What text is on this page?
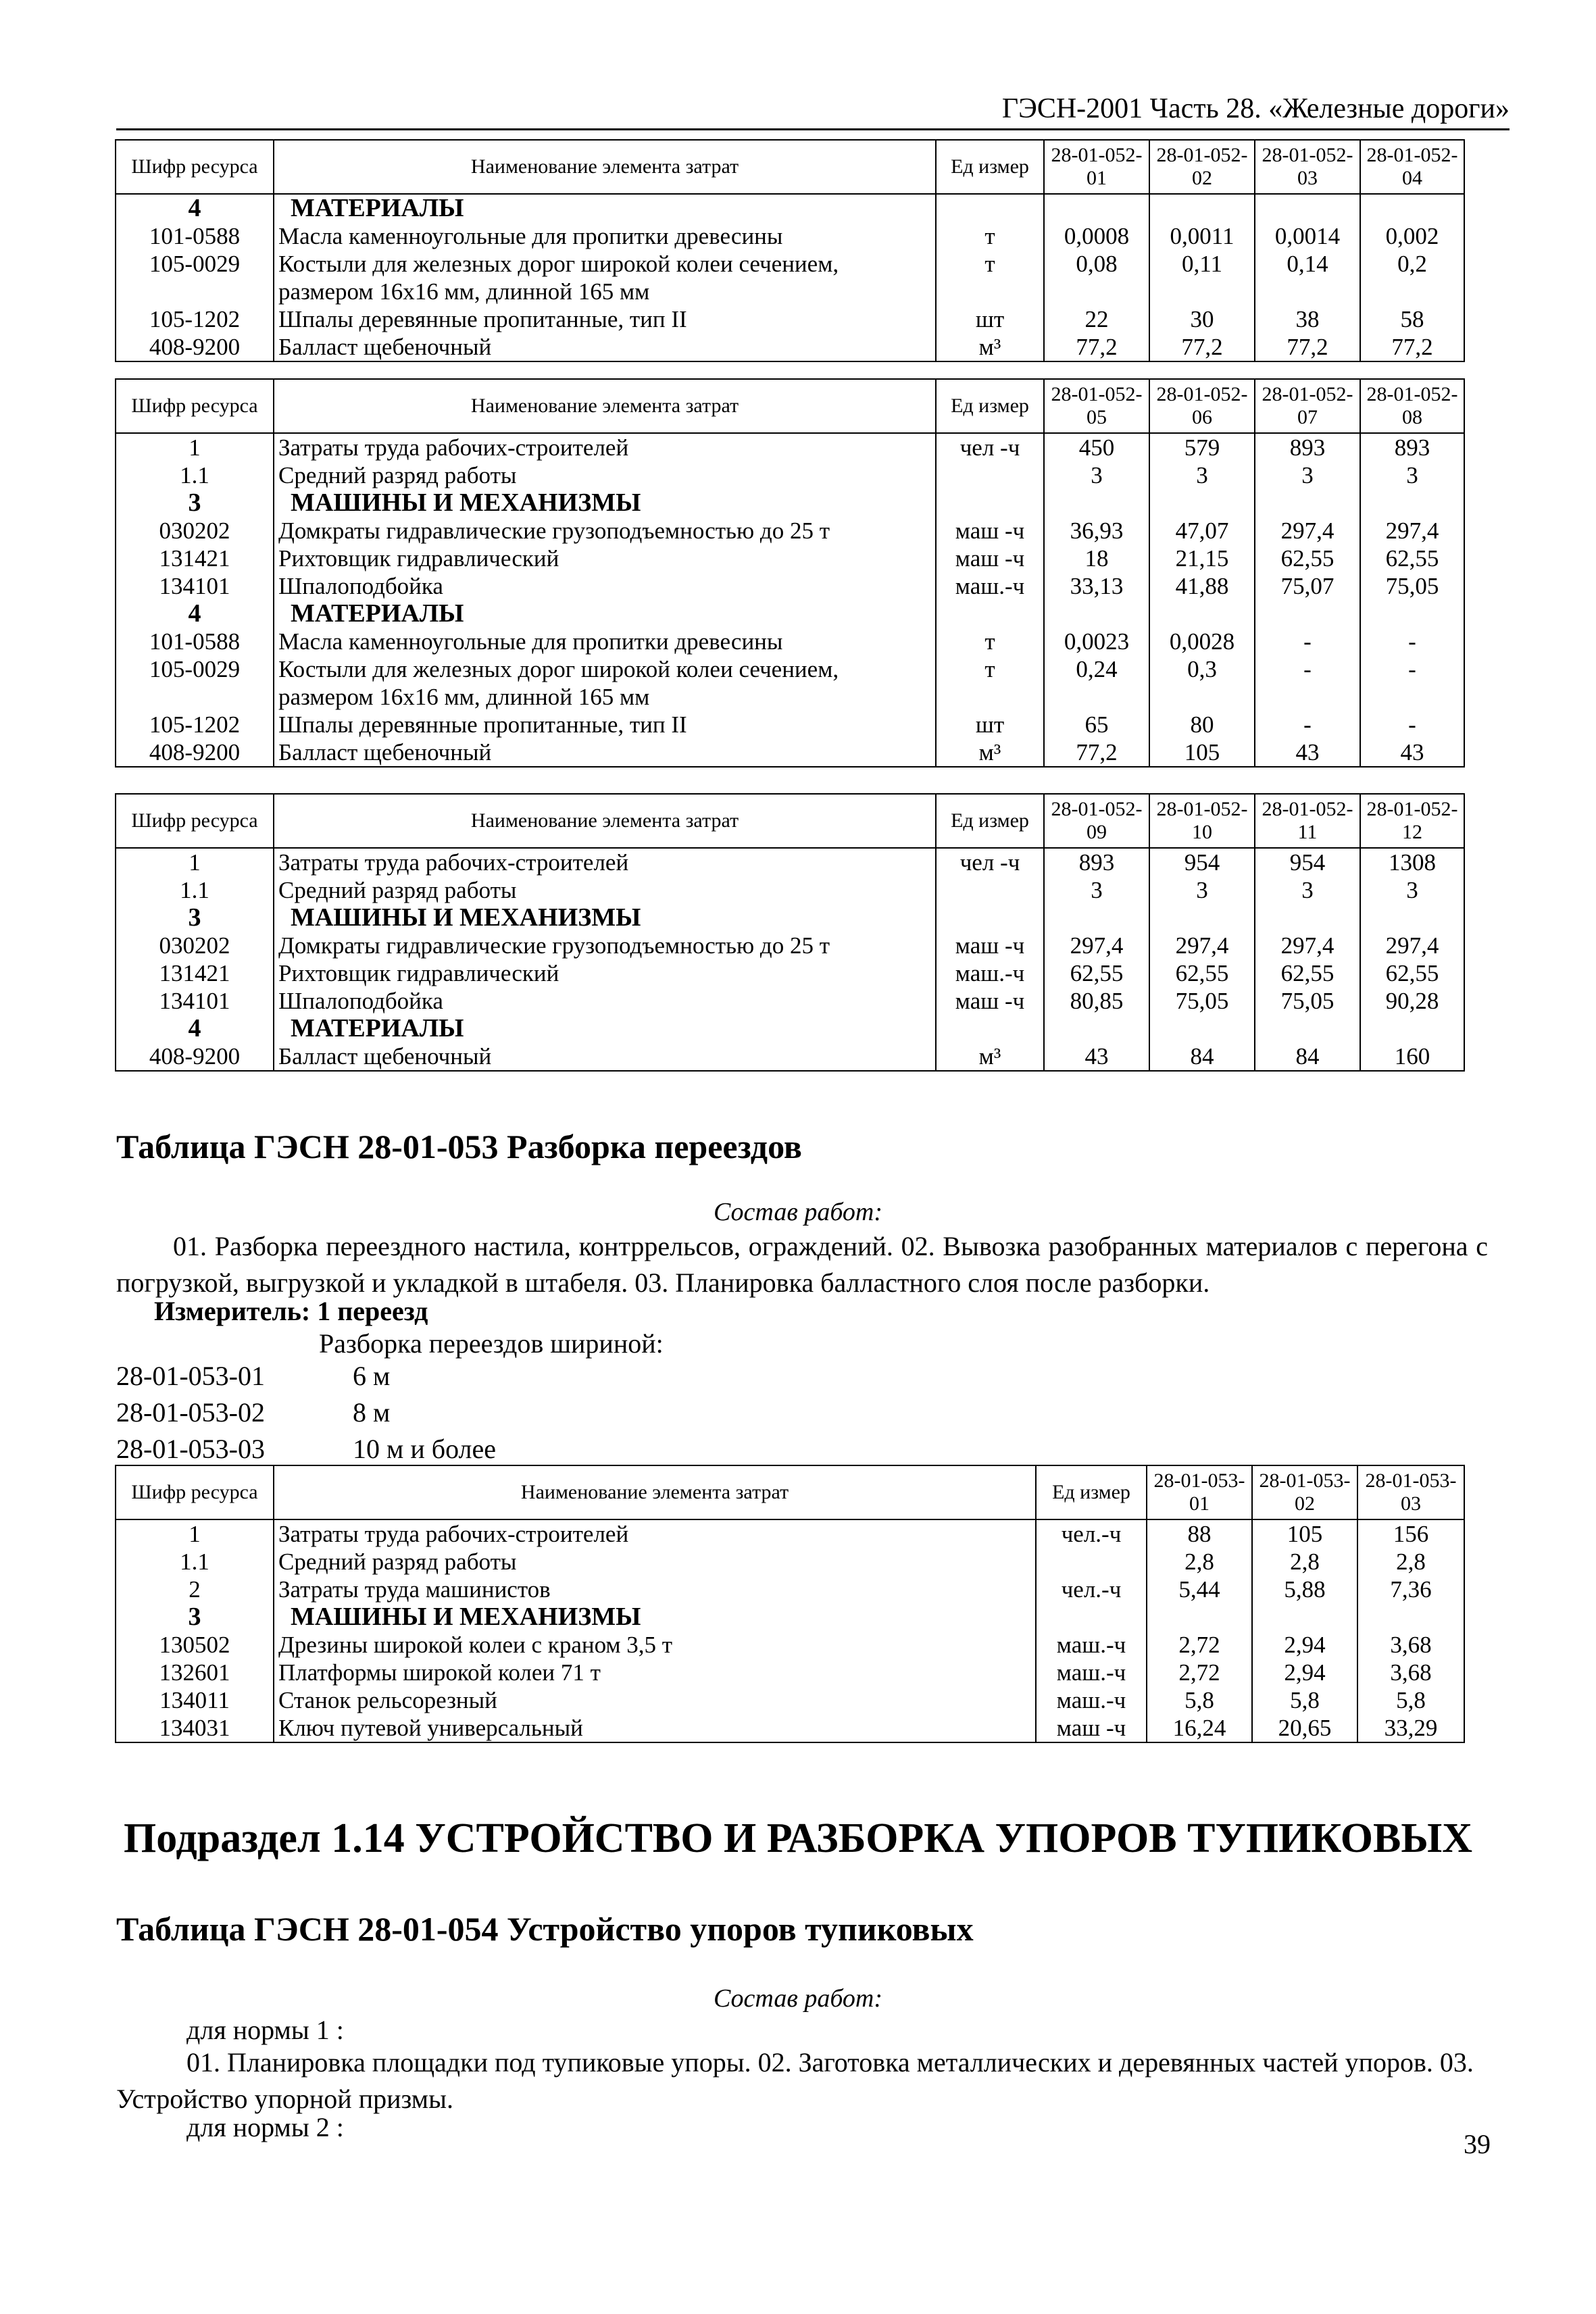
ГЭСН-2001 Часть 28. «Железные дороги»
Шифр ресурса	Наименование элемента затрат	Ед измер	28-01-052-01	28-01-052-02	28-01-052-03	28-01-052-04
4	МАТЕРИАЛЫ					
101-0588	Масла каменноугольные для пропитки древесины	т	0,0008	0,0011	0,0014	0,002
105-0029	Костыли для железных дорог широкой колеи сечением, размером 16х16 мм, длинной 165 мм	т	0,08	0,11	0,14	0,2
105-1202	Шпалы деревянные пропитанные, тип II	шт	22	30	38	58
408-9200	Балласт щебеночный	м³	77,2	77,2	77,2	77,2
Шифр ресурса	Наименование элемента затрат	Ед измер	28-01-052-05	28-01-052-06	28-01-052-07	28-01-052-08
1	Затраты труда рабочих-строителей	чел -ч	450	579	893	893
1.1	Средний разряд работы		3	3	3	3
3	МАШИНЫ И МЕХАНИЗМЫ					
030202	Домкраты гидравлические грузоподъемностью до 25 т	маш -ч	36,93	47,07	297,4	297,4
131421	Рихтовщик гидравлический	маш -ч	18	21,15	62,55	62,55
134101	Шпалоподбойка	маш.-ч	33,13	41,88	75,07	75,05
4	МАТЕРИАЛЫ					
101-0588	Масла каменноугольные для пропитки древесины	т	0,0023	0,0028	-	-
105-0029	Костыли для железных дорог широкой колеи сечением, размером 16х16 мм, длинной 165 мм	т	0,24	0,3	-	-
105-1202	Шпалы деревянные пропитанные, тип II	шт	65	80	-	-
408-9200	Балласт щебеночный	м³	77,2	105	43	43
Шифр ресурса	Наименование элемента затрат	Ед измер	28-01-052-09	28-01-052-10	28-01-052-11	28-01-052-12
1	Затраты труда рабочих-строителей	чел -ч	893	954	954	1308
1.1	Средний разряд работы		3	3	3	3
3	МАШИНЫ И МЕХАНИЗМЫ					
030202	Домкраты гидравлические грузоподъемностью до 25 т	маш -ч	297,4	297,4	297,4	297,4
131421	Рихтовщик гидравлический	маш.-ч	62,55	62,55	62,55	62,55
134101	Шпалоподбойка	маш -ч	80,85	75,05	75,05	90,28
4	МАТЕРИАЛЫ					
408-9200	Балласт щебеночный	м³	43	84	84	160
Таблица ГЭСН 28-01-053 Разборка переездов
Состав работ:
01. Разборка переездного настила, контррельсов, ограждений. 02. Вывозка разобранных материалов с перегона с погрузкой, выгрузкой и укладкой в штабеля. 03. Планировка балластного слоя после разборки.
Измеритель: 1 переезд
Разборка переездов шириной:
28-01-053-01	6 м
28-01-053-02	8 м
28-01-053-03	10 м и более
Шифр ресурса	Наименование элемента затрат	Ед измер	28-01-053-01	28-01-053-02	28-01-053-03
1	Затраты труда рабочих-строителей	чел.-ч	88	105	156
1.1	Средний разряд работы		2,8	2,8	2,8
2	Затраты труда машинистов	чел.-ч	5,44	5,88	7,36
3	МАШИНЫ И МЕХАНИЗМЫ				
130502	Дрезины широкой колеи с краном 3,5 т	маш.-ч	2,72	2,94	3,68
132601	Платформы широкой колеи 71 т	маш.-ч	2,72	2,94	3,68
134011	Станок рельсорезный	маш.-ч	5,8	5,8	5,8
134031	Ключ путевой универсальный	маш -ч	16,24	20,65	33,29
Подраздел 1.14 УСТРОЙСТВО И РАЗБОРКА УПОРОВ ТУПИКОВЫХ
Таблица ГЭСН 28-01-054 Устройство упоров тупиковых
Состав работ:
для нормы 1 :
01. Планировка площадки под тупиковые упоры. 02. Заготовка металлических и деревянных частей упоров. 03. Устройство упорной призмы.
для нормы 2 :
39
